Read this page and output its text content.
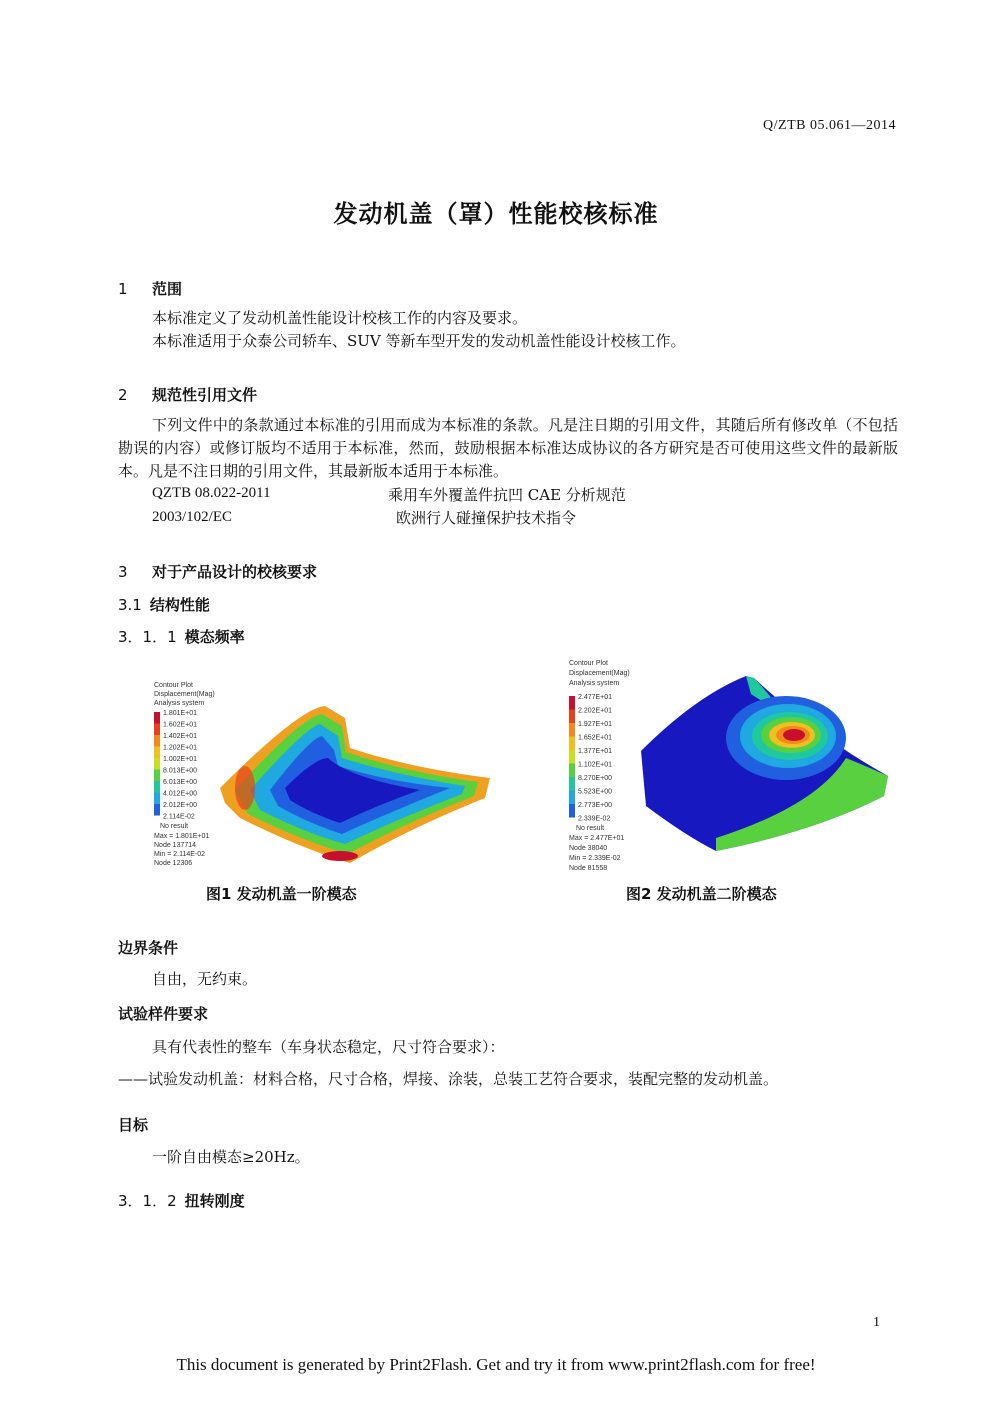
Q/ZTB 05.061—2014
发动机盖（罩）性能校核标准
1 范围
本标准定义了发动机盖性能设计校核工作的内容及要求。
本标准适用于众泰公司轿车、SUV 等新车型开发的发动机盖性能设计校核工作。
2 规范性引用文件
下列文件中的条款通过本标准的引用而成为本标准的条款。凡是注日期的引用文件，其随后所有修改单（不包括勘误的内容）或修订版均不适用于本标准，然而，鼓励根据本标准达成协议的各方研究是否可使用这些文件的最新版本。凡是不注日期的引用文件，其最新版本适用于本标准。
QZTB 08.022-2011	乘用车外覆盖件抗凹 CAE 分析规范
2003/102/EC	欧洲行人碰撞保护技术指令
3 对于产品设计的校核要求
3.1 结构性能
3．1．1 模态频率
Contour Plot
Displacement(Mag)
Analysis system
1.801E+01
1.602E+01
1.402E+01
1.202E+01
1.002E+01
8.013E+00
6.013E+00
4.012E+00
2.012E+00
2.114E-02
No result
Max = 1.801E+01
Node 137714
Min = 2.114E-02
Node 12306
图1 发动机盖一阶模态
Contour Plot
Displacement(Mag)
Analysis system
2.477E+01
2.202E+01
1.927E+01
1.652E+01
1.377E+01
1.102E+01
8.270E+00
5.523E+00
2.773E+00
2.339E-02
No result
Max = 2.477E+01
Node 38040
Min = 2.339E-02
Node 81558
图2 发动机盖二阶模态
边界条件
自由，无约束。
试验样件要求
具有代表性的整车（车身状态稳定，尺寸符合要求）：
——试验发动机盖：材料合格，尺寸合格，焊接、涂装，总装工艺符合要求，装配完整的发动机盖。
目标
一阶自由模态≥20Hz。
3．1．2 扭转刚度
1
This document is generated by Print2Flash. Get and try it from www.print2flash.com for free!
